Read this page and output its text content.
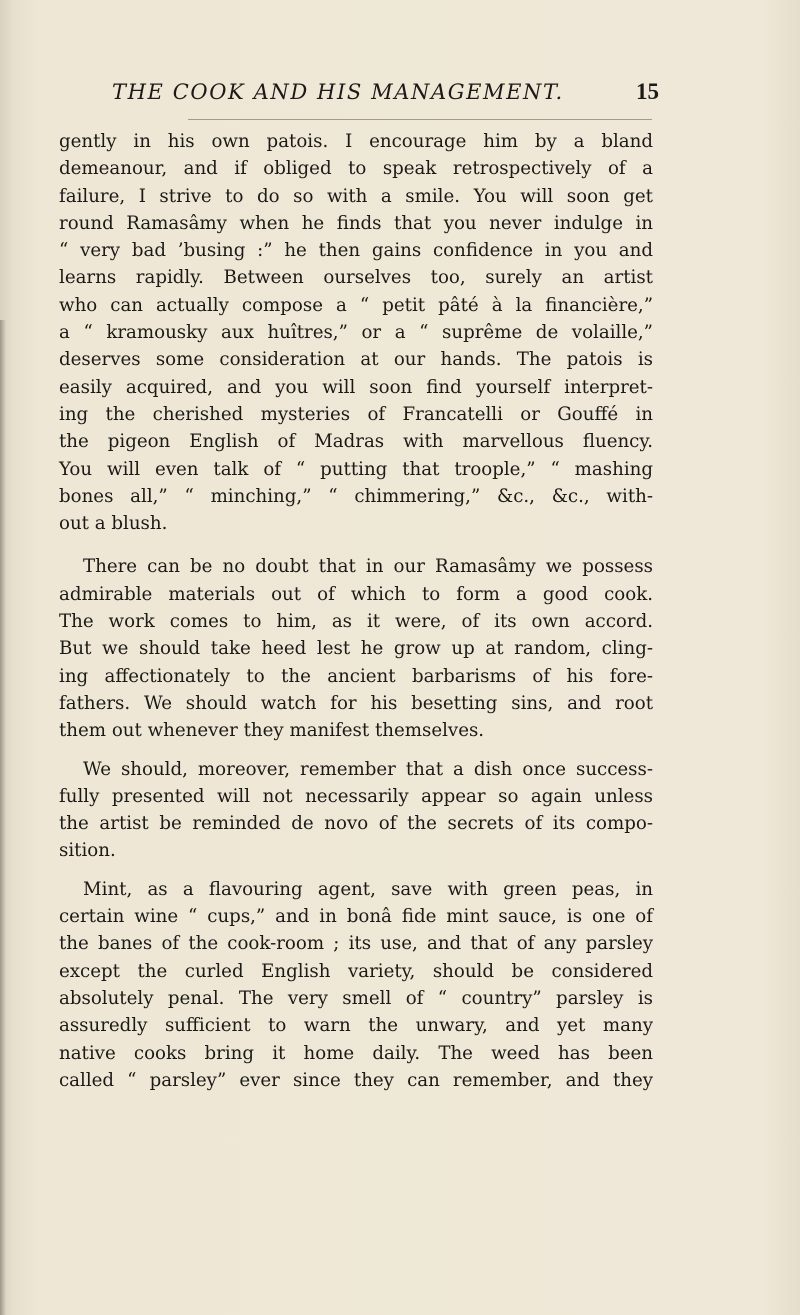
THE COOK AND HIS MANAGEMENT.	15

gently in his own patois. I encourage him by a bland
demeanour, and if obliged to speak retrospectively of a
failure, I strive to do so with a smile. You will soon get
round Ramasâmy when he finds that you never indulge in
“ very bad ’busing :” he then gains confidence in you and
learns rapidly. Between ourselves too, surely an artist
who can actually compose a “ petit pâté à la financière,”
a “ kramousky aux huîtres,” or a “ suprême de volaille,”
deserves some consideration at our hands. The patois is
easily acquired, and you will soon find yourself interpret-
ing the cherished mysteries of Francatelli or Gouffé in
the pigeon English of Madras with marvellous fluency.
You will even talk of “ putting that troople,” “ mashing
bones all,” “ minching,” “ chimmering,” &c., &c., with-
out a blush.

There can be no doubt that in our Ramasâmy we possess
admirable materials out of which to form a good cook.
The work comes to him, as it were, of its own accord.
But we should take heed lest he grow up at random, cling-
ing affectionately to the ancient barbarisms of his fore-
fathers. We should watch for his besetting sins, and root
them out whenever they manifest themselves.

We should, moreover, remember that a dish once success-
fully presented will not necessarily appear so again unless
the artist be reminded de novo of the secrets of its compo-
sition.

Mint, as a flavouring agent, save with green peas, in
certain wine “ cups,” and in bonâ fide mint sauce, is one of
the banes of the cook-room ; its use, and that of any parsley
except the curled English variety, should be considered
absolutely penal. The very smell of “ country” parsley is
assuredly sufficient to warn the unwary, and yet many
native cooks bring it home daily. The weed has been
called “ parsley” ever since they can remember, and they
